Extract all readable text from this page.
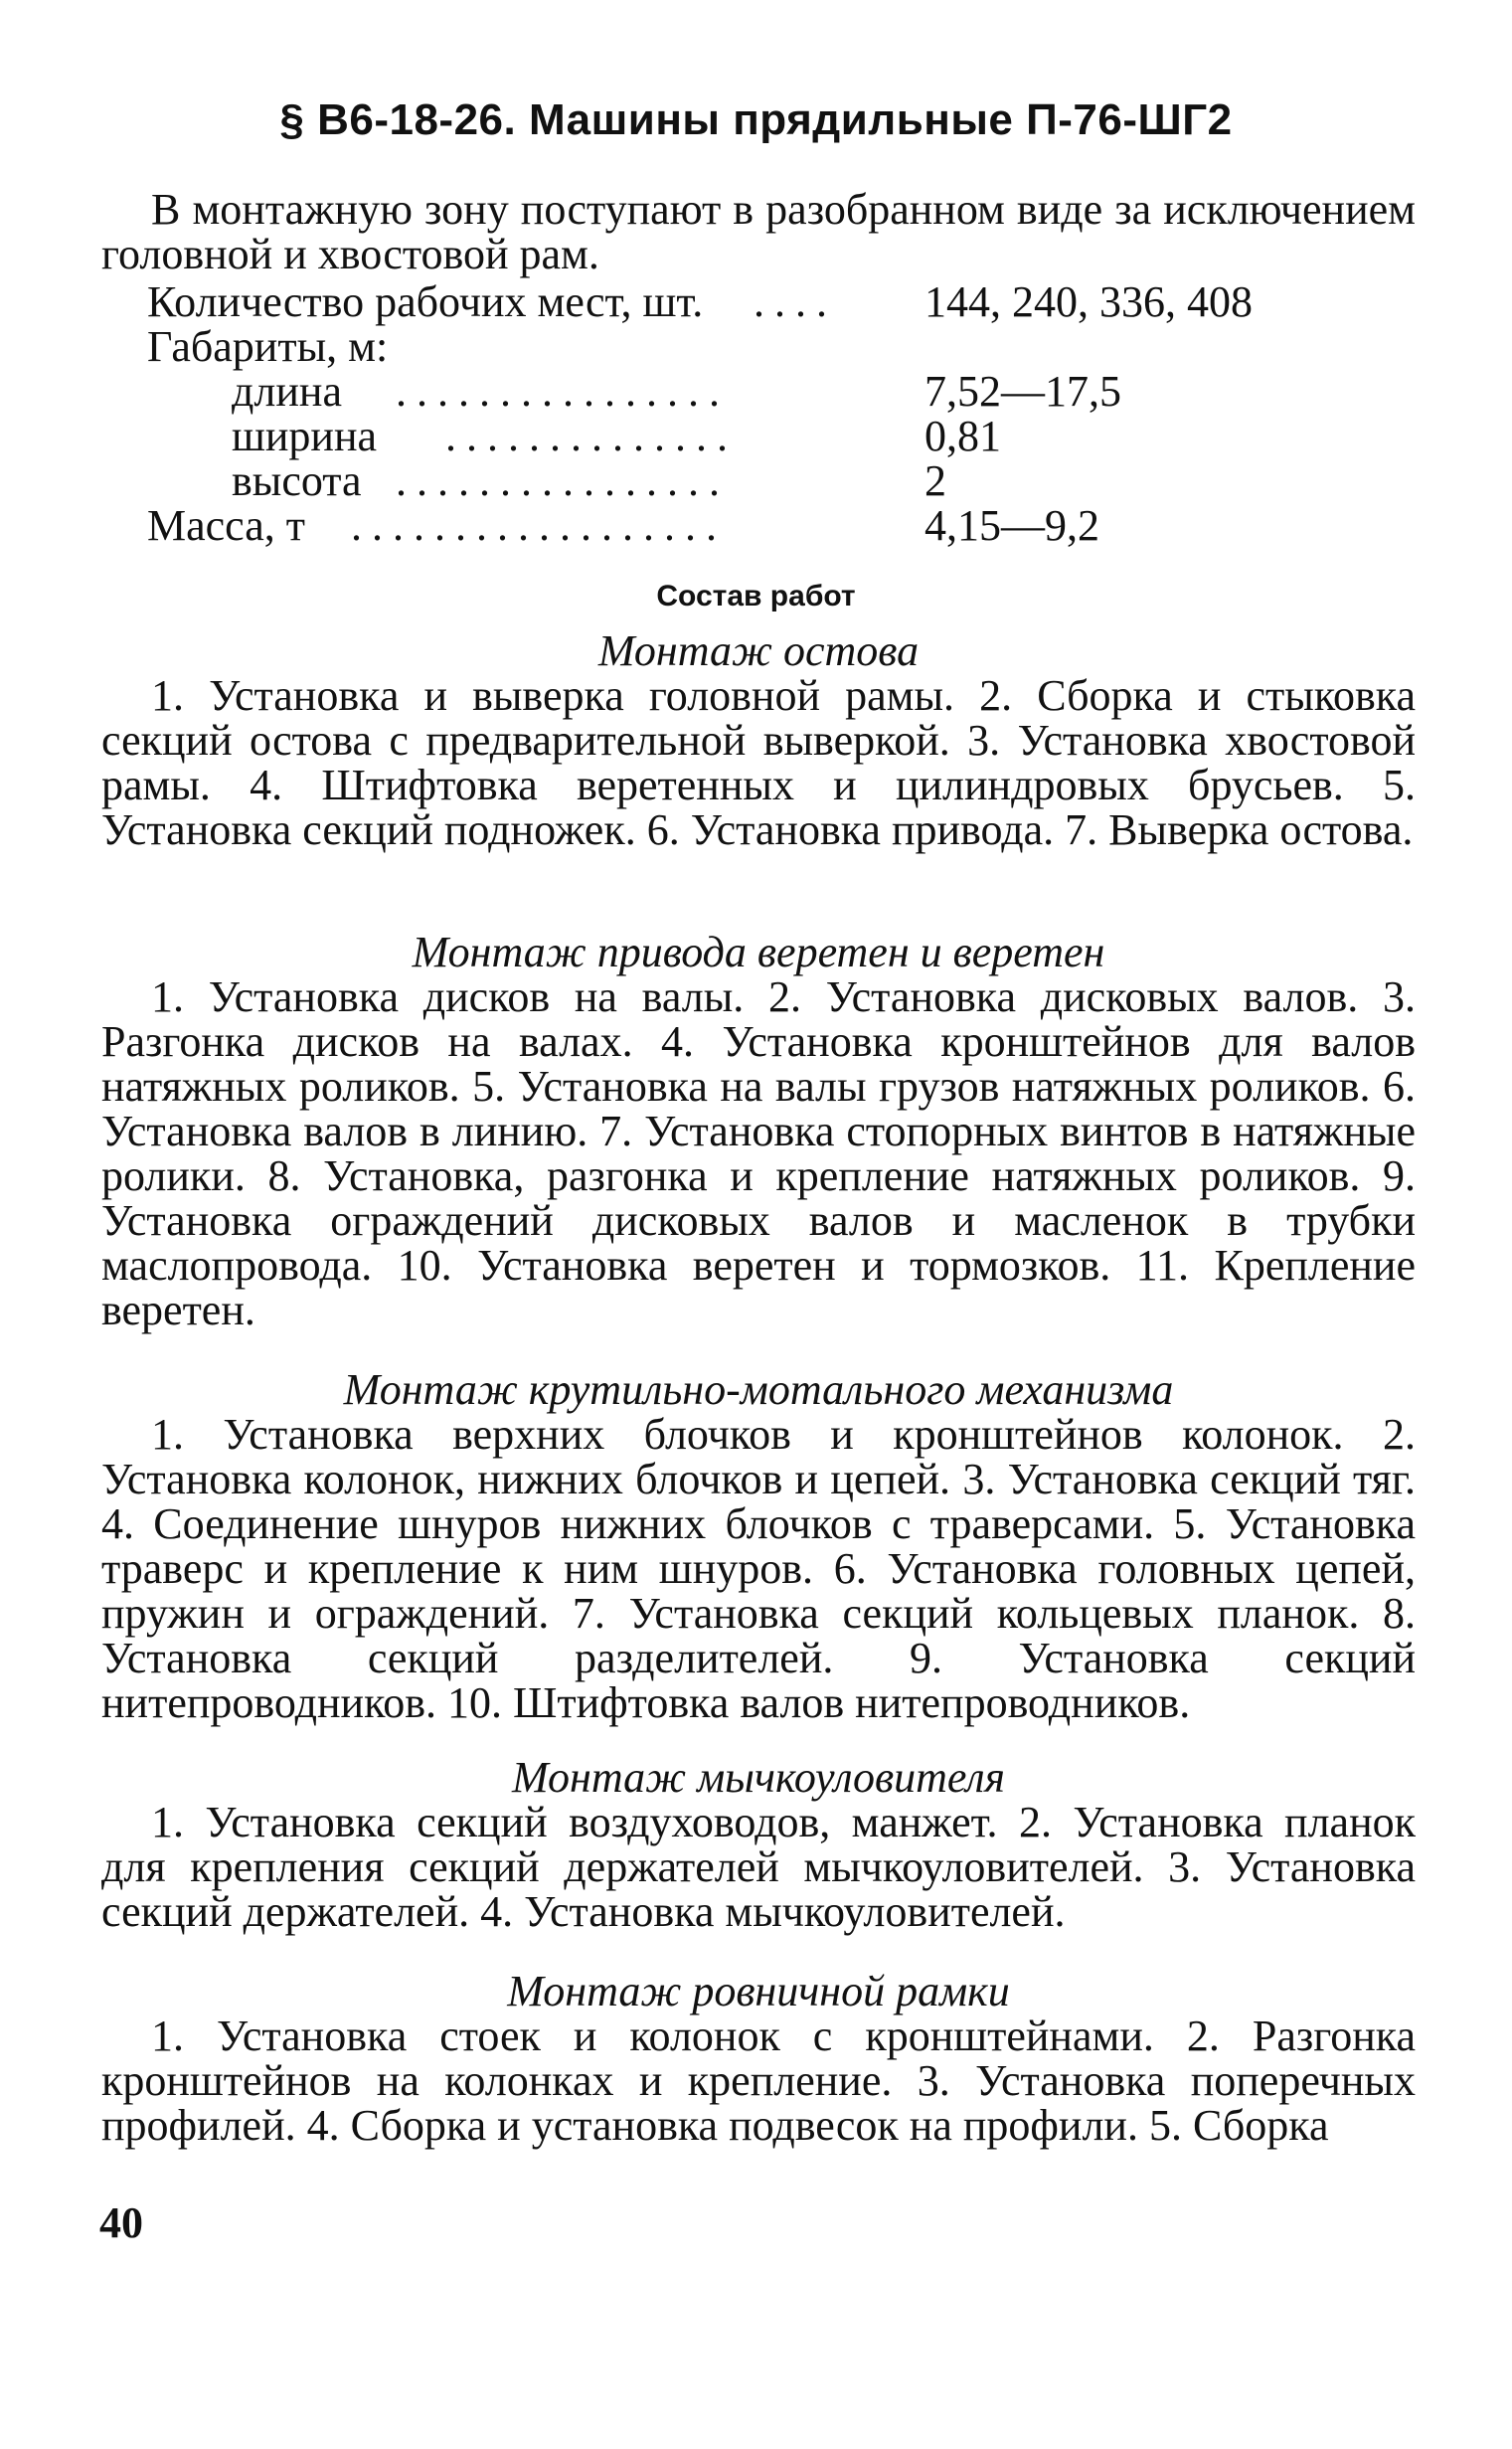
§ В6-18-26. Машины прядильные П-76-ШГ2

В монтажную зону поступают в разобранном виде за исключением головной и хвостовой рам.

Количество рабочих мест, шт. ....	144, 240, 336, 408
Габариты, м:
длина ................	7,52—17,5
ширина ..............	0,81
высота ................	2
Масса, т ..................	4,15—9,2
Состав работ

Монтаж остова

1. Установка и выверка головной рамы. 2. Сборка и стыковка секций остова с предварительной выверкой. 3. Установка хвостовой рамы. 4. Штифтовка веретенных и цилиндровых брусьев. 5. Установка секций подножек. 6. Установка привода. 7. Выверка остова.

Монтаж привода веретен и веретен

1. Установка дисков на валы. 2. Установка дисковых валов. 3. Разгонка дисков на валах. 4. Установка кронштейнов для валов натяжных роликов. 5. Установка на валы грузов натяжных роликов. 6. Установка валов в линию. 7. Установка стопорных винтов в натяжные ролики. 8. Установка, разгонка и крепление натяжных роликов. 9. Установка ограждений дисковых валов и масленок в трубки маслопровода. 10. Установка веретен и тормозков. 11. Крепление веретен.

Монтаж крутильно-мотального механизма

1. Установка верхних блочков и кронштейнов колонок. 2. Установка колонок, нижних блочков и цепей. 3. Установка секций тяг. 4. Соединение шнуров нижних блочков с траверсами. 5. Установка траверс и крепление к ним шнуров. 6. Установка головных цепей, пружин и ограждений. 7. Установка секций кольцевых планок. 8. Установка секций разделителей. 9. Установка секций нитепроводников. 10. Штифтовка валов нитепроводников.

Монтаж мычкоуловителя

1. Установка секций воздуховодов, манжет. 2. Установка планок для крепления секций держателей мычкоуловителей. 3. Установка секций держателей. 4. Установка мычкоуловителей.

Монтаж ровничной рамки

1. Установка стоек и колонок с кронштейнами. 2. Разгонка кронштейнов на колонках и крепление. 3. Установка поперечных профилей. 4. Сборка и установка подвесок на профили. 5. Сборка

40
